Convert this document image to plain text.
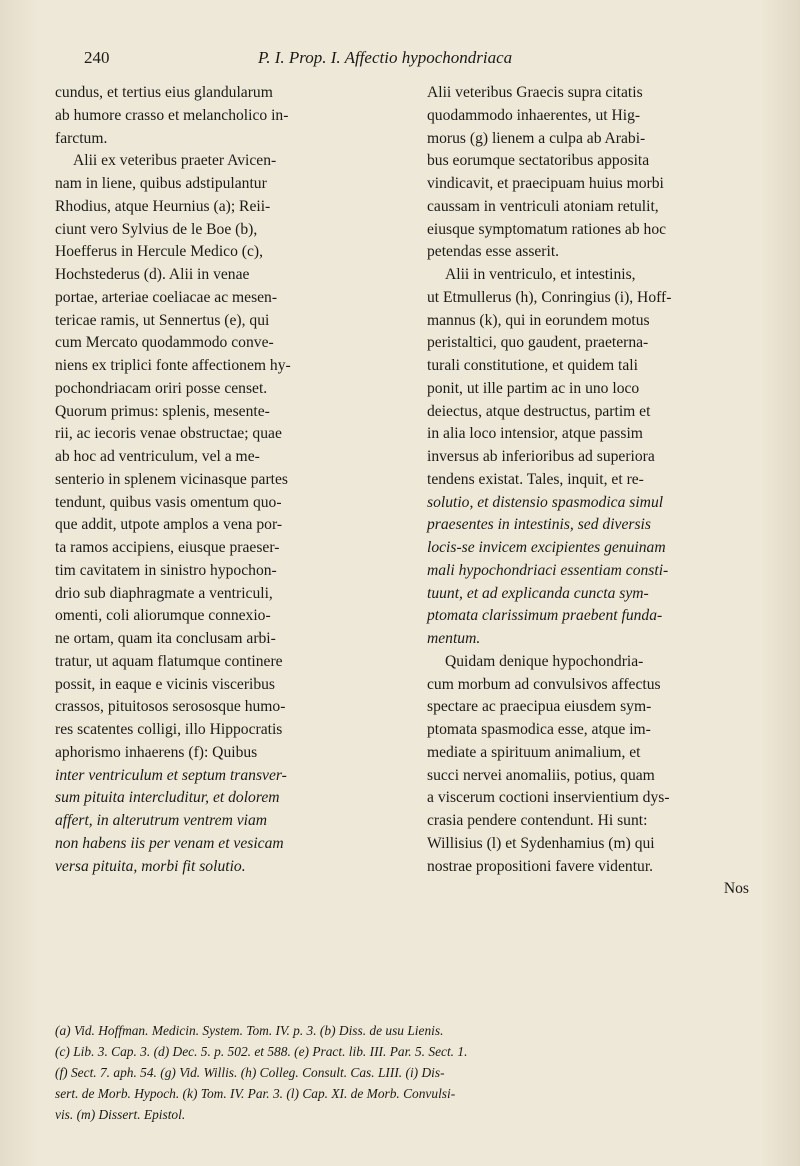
240	P. I. Prop. I. Affectio hypochondriaca
cundus, et tertius eius glandularum
ab humore crasso et melancholico in-
farctum.
Alii ex veteribus praeter Avicen-
nam in liene, quibus adstipulantur
Rhodius, atque Heurnius (a); Reii-
ciunt vero Sylvius de le Boe (b),
Hoefferus in Hercule Medico (c),
Hochstederus (d). Alii in venae
portae, arteriae coeliacae ac mesen-
tericae ramis, ut Sennertus (e), qui
cum Mercato quodammodo conve-
niens ex triplici fonte affectionem hy-
pochondriacam oriri posse censet.
Quorum primus: splenis, mesente-
rii, ac iecoris venae obstructae; quae
ab hoc ad ventriculum, vel a me-
senterio in splenem vicinasque partes
tendunt, quibus vasis omentum quo-
que addit, utpote amplos a vena por-
ta ramos accipiens, eiusque praeser-
tim cavitatem in sinistro hypochon-
drio sub diaphragmate a ventriculi,
omenti, coli aliorumque connexio-
ne ortam, quam ita conclusam arbi-
tratur, ut aquam flatumque continere
possit, in eaque e vicinis visceribus
crassos, pituitosos serososque humo-
res scatentes colligi, illo Hippocratis
aphorismo inhaerens (f): Quibus
inter ventriculum et septum transver-
sum pituita intercluditur, et dolorem
affert, in alterutrum ventrem viam
non habens iis per venam et vesicam
versa pituita, morbi fit solutio.
Alii veteribus Graecis supra citatis
quodammodo inhaerentes, ut Hig-
morus (g) lienem a culpa ab Arabi-
bus eorumque sectatoribus apposita
vindicavit, et praecipuam huius morbi
caussam in ventriculi atoniam retulit,
eiusque symptomatum rationes ab hoc
petendas esse asserit.
Alii in ventriculo, et intestinis,
ut Etmullerus (h), Conringius (i), Hoff-
mannus (k), qui in eorundem motus
peristaltici, quo gaudent, praeterna-
turali constitutione, et quidem tali
ponit, ut ille partim ac in uno loco
deiectus, atque destructus, partim et
in alia loco intensior, atque passim
inversus ab inferioribus ad superiora
tendens existat. Tales, inquit, et re-
solutio, et distensio spasmodica simul
praesentes in intestinis, sed diversis
locis-se invicem excipientes genuinam
mali hypochondriaci essentiam consti-
tuunt, et ad explicanda cuncta sym-
ptomata clarissimum praebent funda-
mentum.
Quidam denique hypochondria-
cum morbum ad convulsivos affectus
spectare ac praecipua eiusdem sym-
ptomata spasmodica esse, atque im-
mediate a spirituum animalium, et
succi nervei anomaliis, potius, quam
a viscerum coctioni inservientium dys-
crasia pendere contendunt. Hi sunt:
Willisius (l) et Sydenhamius (m) qui
nostrae propositioni favere videntur.
Nos
(a) Vid. Hoffman. Medicin. System. Tom. IV. p. 3. (b) Diss. de usu Lienis.
(c) Lib. 3. Cap. 3. (d) Dec. 5. p. 502. et 588. (e) Pract. lib. III. Par. 5. Sect. 1.
(f) Sect. 7. aph. 54. (g) Vid. Willis. (h) Colleg. Consult. Cas. LIII. (i) Dis-
sert. de Morb. Hypoch. (k) Tom. IV. Par. 3. (l) Cap. XI. de Morb. Convulsi-
vis. (m) Dissert. Epistol.
